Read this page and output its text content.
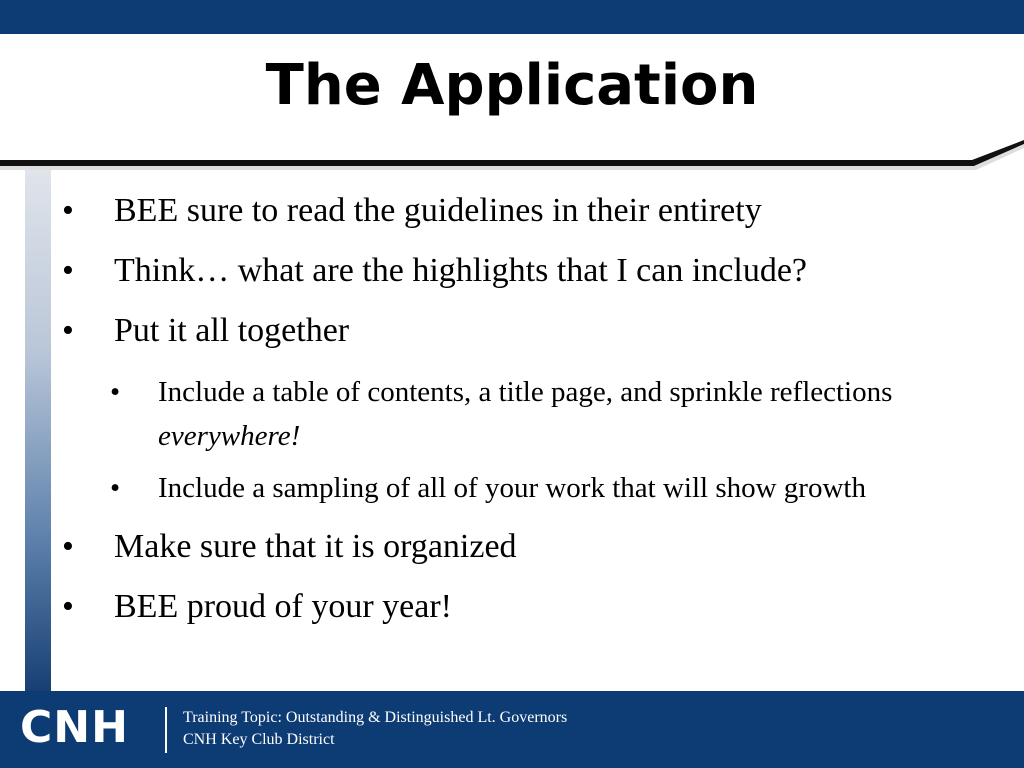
The Application
• BEE sure to read the guidelines in their entirety
• Think… what are the highlights that I can include?
• Put it all together
• Include a table of contents, a title page, and sprinkle reflections everywhere!
• Include a sampling of all of your work that will show growth
• Make sure that it is organized
• BEE proud of your year!
CNH	Training Topic: Outstanding & Distinguished Lt. Governors
CNH Key Club District
